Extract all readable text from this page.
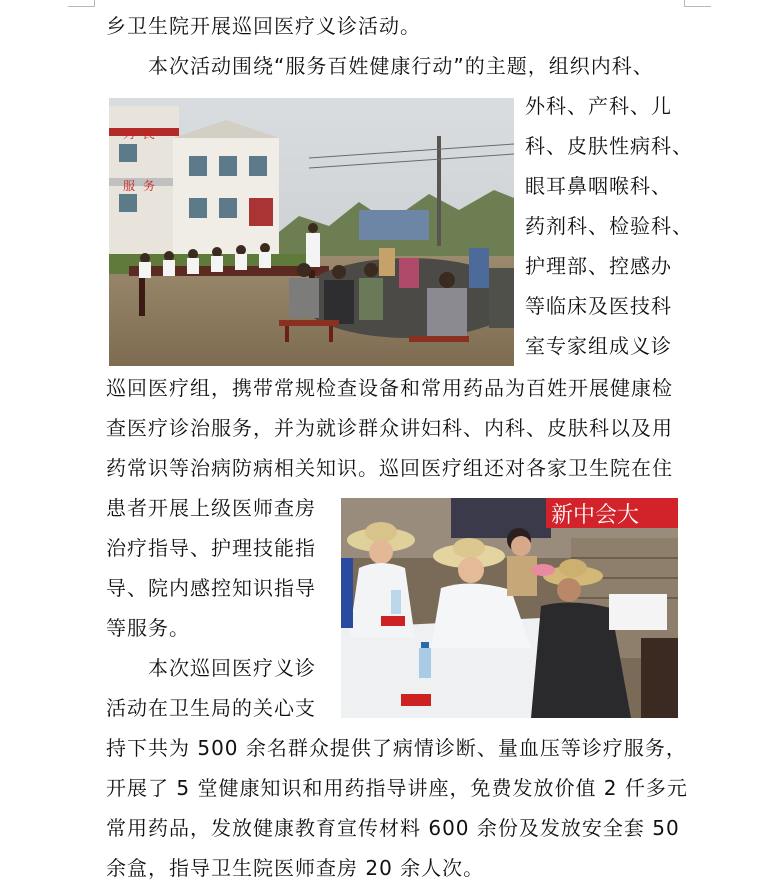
乡卫生院开展巡回医疗义诊活动。
本次活动围绕“服务百姓健康行动”的主题，组织内科、
外科、产科、儿
科、皮肤性病科、
眼耳鼻咽喉科、
药剂科、检验科、
护理部、控感办
等临床及医技科
室专家组成义诊
巡回医疗组，携带常规检查设备和常用药品为百姓开展健康检
查医疗诊治服务，并为就诊群众讲妇科、内科、皮肤科以及用
药常识等治病防病相关知识。巡回医疗组还对各家卫生院在住
患者开展上级医师查房
治疗指导、护理技能指
导、院内感控知识指导
等服务。
本次巡回医疗义诊
活动在卫生局的关心支
持下共为 500 余名群众提供了病情诊断、量血压等诊疗服务，
开展了 5 堂健康知识和用药指导讲座，免费发放价值 2 仟多元
常用药品，发放健康教育宣传材料 600 余份及发放安全套 50
余盒，指导卫生院医师查房 20 余人次。
为 民
服 务
新中会大
